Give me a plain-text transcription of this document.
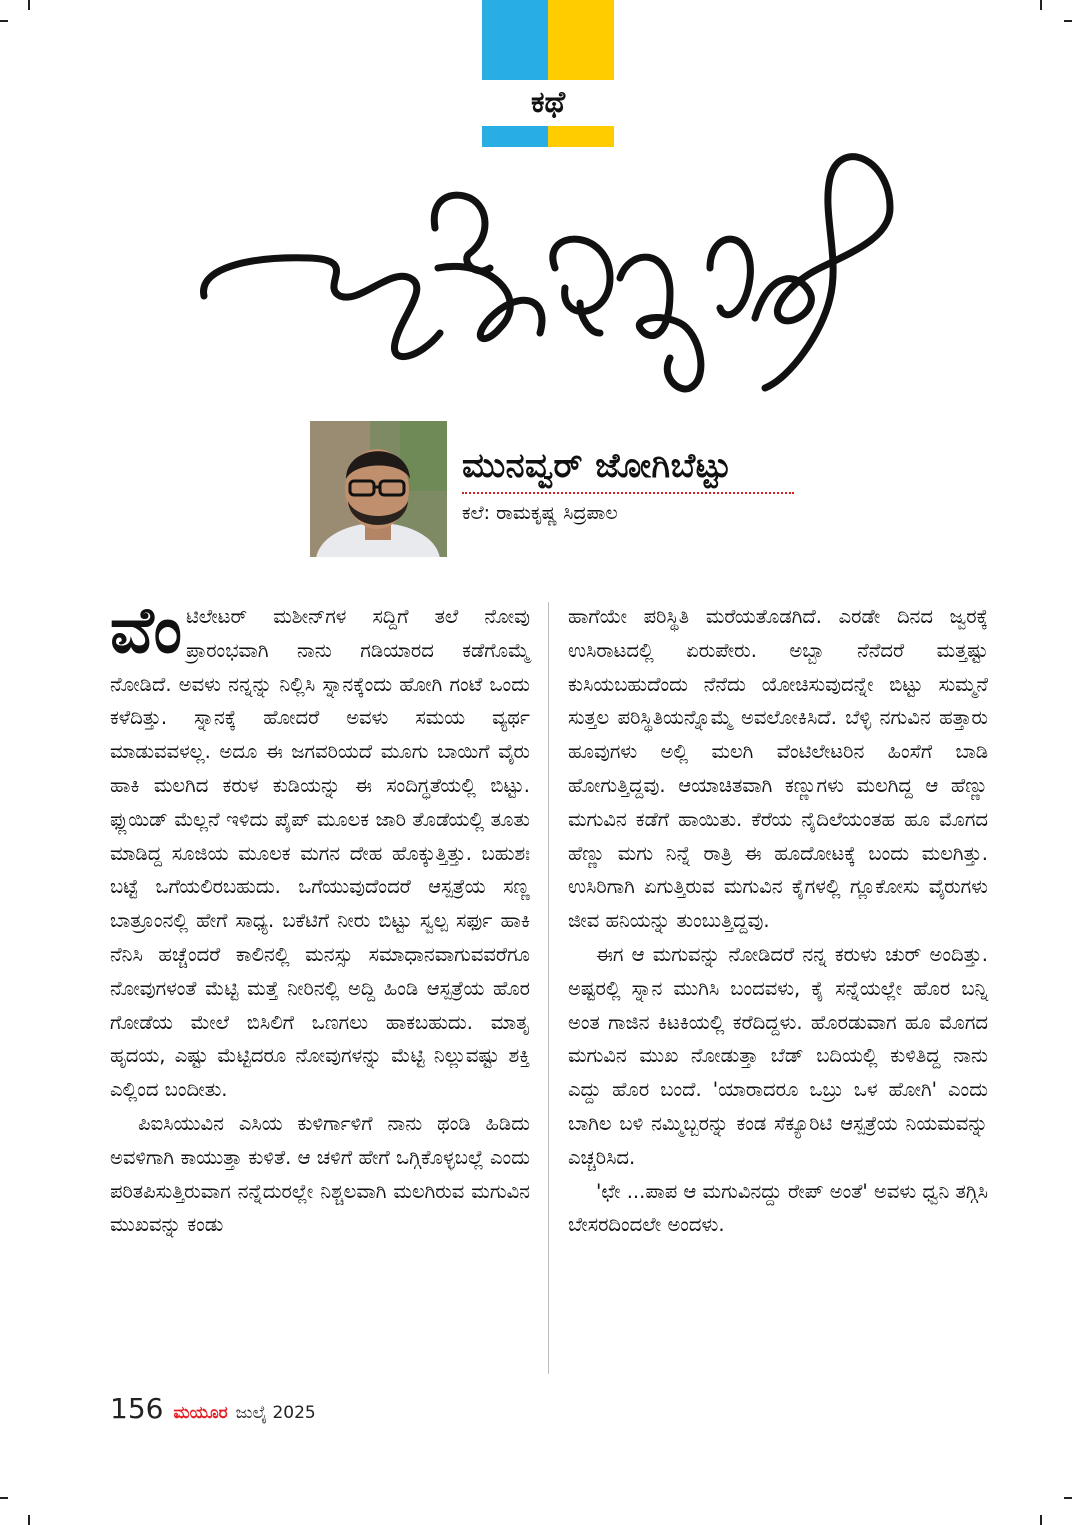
ಕಥೆ
ಮುನವ್ವರ್ ಜೋಗಿಬೆಟ್ಟು
ಕಲೆ: ರಾಮಕೃಷ್ಣ ಸಿದ್ರಪಾಲ

ವೆಂಟಿಲೇಟರ್ ಮಶೀನ್‌ಗಳ ಸದ್ದಿಗೆ ತಲೆ ನೋವು ಪ್ರಾರಂಭವಾಗಿ ನಾನು ಗಡಿಯಾರದ ಕಡೆಗೊಮ್ಮೆ ನೋಡಿದೆ. ಅವಳು ನನ್ನನ್ನು ನಿಲ್ಲಿಸಿ ಸ್ನಾನಕ್ಕೆಂದು ಹೋಗಿ ಗಂಟೆ ಒಂದು ಕಳೆದಿತ್ತು. ಸ್ನಾನಕ್ಕೆ ಹೋದರೆ ಅವಳು ಸಮಯ ವ್ಯರ್ಥ ಮಾಡುವವಳಲ್ಲ. ಅದೂ ಈ ಜಗವರಿಯದೆ ಮೂಗು ಬಾಯಿಗೆ ವೈರು ಹಾಕಿ ಮಲಗಿದ ಕರುಳ ಕುಡಿಯನ್ನು ಈ ಸಂದಿಗ್ಧತೆಯಲ್ಲಿ ಬಿಟ್ಟು. ಫ್ಲುಯಿಡ್ ಮೆಲ್ಲನೆ ಇಳಿದು ಪೈಪ್ ಮೂಲಕ ಜಾರಿ ತೊಡೆಯಲ್ಲಿ ತೂತು ಮಾಡಿದ್ದ ಸೂಜಿಯ ಮೂಲಕ ಮಗನ ದೇಹ ಹೊಕ್ಕುತ್ತಿತ್ತು. ಬಹುಶಃ ಬಟ್ಟೆ ಒಗೆಯಲಿರಬಹುದು. ಒಗೆಯುವುದೆಂದರೆ ಆಸ್ಪತ್ರೆಯ ಸಣ್ಣ ಬಾತ್ರೂಂನಲ್ಲಿ ಹೇಗೆ ಸಾಧ್ಯ. ಬಕೆಟಿಗೆ ನೀರು ಬಿಟ್ಟು ಸ್ವಲ್ಪ ಸರ್ಫು ಹಾಕಿ ನೆನಿಸಿ ಹಚ್ಚೆಂದರೆ ಕಾಲಿನಲ್ಲಿ ಮನಸ್ಸು ಸಮಾಧಾನವಾಗುವವರೆಗೂ ನೋವುಗಳಂತೆ ಮೆಟ್ಟಿ ಮತ್ತೆ ನೀರಿನಲ್ಲಿ ಅದ್ದಿ ಹಿಂಡಿ ಆಸ್ಪತ್ರೆಯ ಹೊರ ಗೋಡೆಯ ಮೇಲೆ ಬಿಸಿಲಿಗೆ ಒಣಗಲು ಹಾಕಬಹುದು. ಮಾತೃ ಹೃದಯ, ಎಷ್ಟು ಮೆಟ್ಟಿದರೂ ನೋವುಗಳನ್ನು ಮೆಟ್ಟಿ ನಿಲ್ಲುವಷ್ಟು ಶಕ್ತಿ ಎಲ್ಲಿಂದ ಬಂದೀತು.

ಪಿಐಸಿಯುವಿನ ಎಸಿಯ ಕುಳಿರ್ಗಾಳಿಗೆ ನಾನು ಥಂಡಿ ಹಿಡಿದು ಅವಳಿಗಾಗಿ ಕಾಯುತ್ತಾ ಕುಳಿತೆ. ಆ ಚಳಿಗೆ ಹೇಗೆ ಒಗ್ಗಿಕೊಳ್ಳಬಲ್ಲೆ ಎಂದು ಪರಿತಪಿಸುತ್ತಿರುವಾಗ ನನ್ನೆದುರಲ್ಲೇ ನಿಶ್ಚಲವಾಗಿ ಮಲಗಿರುವ ಮಗುವಿನ ಮುಖವನ್ನು ಕಂಡು

ಹಾಗೆಯೇ ಪರಿಸ್ಥಿತಿ ಮರೆಯತೊಡಗಿದೆ. ಎರಡೇ ದಿನದ ಜ್ವರಕ್ಕೆ ಉಸಿರಾಟದಲ್ಲಿ ಏರುಪೇರು. ಅಬ್ಬಾ ನೆನೆದರೆ ಮತ್ತಷ್ಟು ಕುಸಿಯಬಹುದೆಂದು ನೆನೆದು ಯೋಚಿಸುವುದನ್ನೇ ಬಿಟ್ಟು ಸುಮ್ಮನೆ ಸುತ್ತಲ ಪರಿಸ್ಥಿತಿಯನ್ನೊಮ್ಮೆ ಅವಲೋಕಿಸಿದೆ. ಬೆಳ್ಳಿ ನಗುವಿನ ಹತ್ತಾರು ಹೂವುಗಳು ಅಲ್ಲಿ ಮಲಗಿ ವೆಂಟಿಲೇಟರಿನ ಹಿಂಸೆಗೆ ಬಾಡಿ ಹೋಗುತ್ತಿದ್ದವು. ಆಯಾಚಿತವಾಗಿ ಕಣ್ಣುಗಳು ಮಲಗಿದ್ದ ಆ ಹೆಣ್ಣು ಮಗುವಿನ ಕಡೆಗೆ ಹಾಯಿತು. ಕೆರೆಯ ನೈದಿಲೆಯಂತಹ ಹೂ ಮೊಗದ ಹೆಣ್ಣು ಮಗು ನಿನ್ನೆ ರಾತ್ರಿ ಈ ಹೂದೋಟಕ್ಕೆ ಬಂದು ಮಲಗಿತ್ತು. ಉಸಿರಿಗಾಗಿ ಏಗುತ್ತಿರುವ ಮಗುವಿನ ಕೈಗಳಲ್ಲಿ ಗ್ಲೂಕೋಸು ವೈರುಗಳು ಜೀವ ಹನಿಯನ್ನು ತುಂಬುತ್ತಿದ್ದವು.

ಈಗ ಆ ಮಗುವನ್ನು ನೋಡಿದರೆ ನನ್ನ ಕರುಳು ಚುರ್ ಅಂದಿತ್ತು. ಅಷ್ಟರಲ್ಲಿ ಸ್ನಾನ ಮುಗಿಸಿ ಬಂದವಳು, ಕೈ ಸನ್ನೆಯಲ್ಲೇ ಹೊರ ಬನ್ನಿ ಅಂತ ಗಾಜಿನ ಕಿಟಕಿಯಲ್ಲಿ ಕರೆದಿದ್ದಳು. ಹೊರಡುವಾಗ ಹೂ ಮೊಗದ ಮಗುವಿನ ಮುಖ ನೋಡುತ್ತಾ ಬೆಡ್ ಬದಿಯಲ್ಲಿ ಕುಳಿತಿದ್ದ ನಾನು ಎದ್ದು ಹೊರ ಬಂದೆ. 'ಯಾರಾದರೂ ಒಬ್ರು ಒಳ ಹೋಗಿ' ಎಂದು ಬಾಗಿಲ ಬಳಿ ನಮ್ಮಿಬ್ಬರನ್ನು ಕಂಡ ಸೆಕ್ಯೂರಿಟಿ ಆಸ್ಪತ್ರೆಯ ನಿಯಮವನ್ನು ಎಚ್ಚರಿಸಿದ.

'ಛೇ ...ಪಾಪ ಆ ಮಗುವಿನದ್ದು ರೇಪ್ ಅಂತೆ' ಅವಳು ಧ್ವನಿ ತಗ್ಗಿಸಿ ಬೇಸರದಿಂದಲೇ ಅಂದಳು.

156 ಮಯೂರ ಜುಲೈ 2025
